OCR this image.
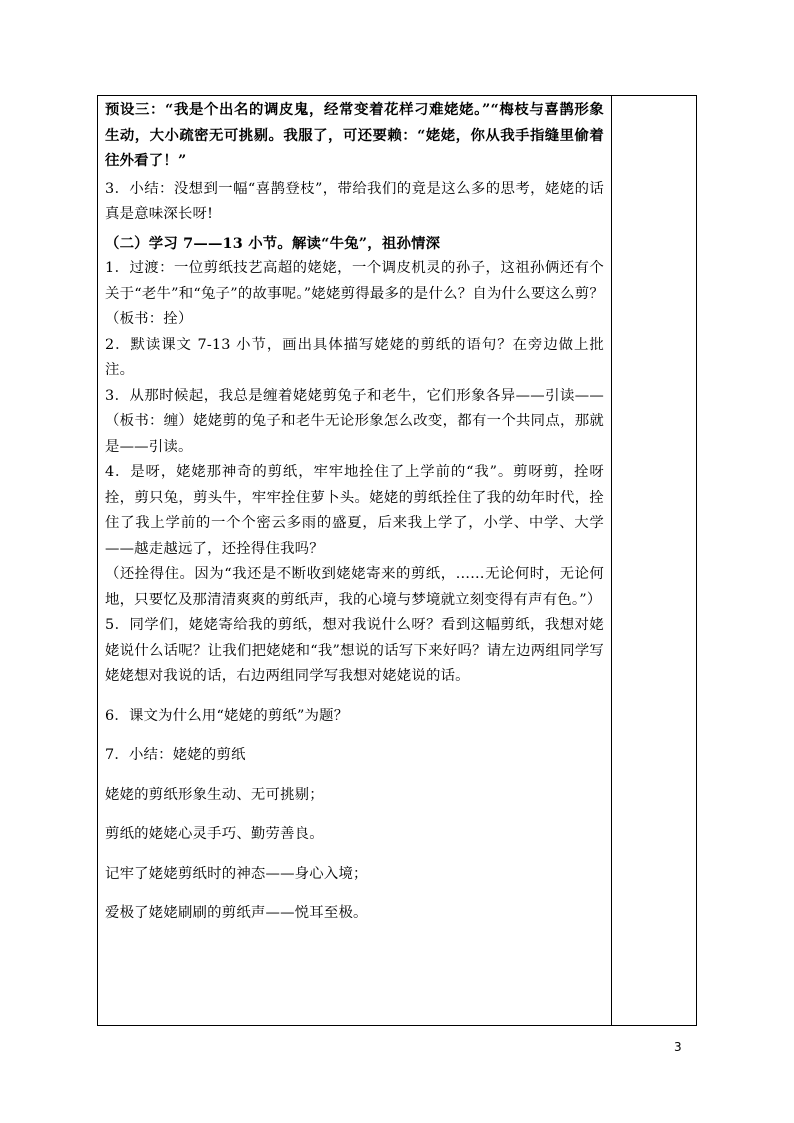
预设三：“我是个出名的调皮鬼，经常变着花样刁难姥姥。”“梅枝与喜鹊形象生动，大小疏密无可挑剔。我服了，可还要赖：“姥姥，你从我手指缝里偷着往外看了！”

3．小结：没想到一幅“喜鹊登枝”，带给我们的竟是这么多的思考，姥姥的话真是意味深长呀!

（二）学习 7——13 小节。解读“牛兔”，祖孙情深

1．过渡：一位剪纸技艺高超的姥姥，一个调皮机灵的孙子，这祖孙俩还有个关于“老牛”和“兔子”的故事呢。”姥姥剪得最多的是什么？自为什么要这么剪？（板书：拴）

2．默读课文 7-13 小节，画出具体描写姥姥的剪纸的语句？在旁边做上批注。

3．从那时候起，我总是缠着姥姥剪兔子和老牛，它们形象各异——引读——（板书：缠）姥姥剪的兔子和老牛无论形象怎么改变，都有一个共同点，那就是——引读。

4．是呀，姥姥那神奇的剪纸，牢牢地拴住了上学前的“我”。剪呀剪，拴呀拴，剪只兔，剪头牛，牢牢拴住萝卜头。姥姥的剪纸拴住了我的幼年时代，拴住了我上学前的一个个密云多雨的盛夏，后来我上学了，小学、中学、大学——越走越远了，还拴得住我吗？

（还拴得住。因为“我还是不断收到姥姥寄来的剪纸，……无论何时，无论何地，只要忆及那清清爽爽的剪纸声，我的心境与梦境就立刻变得有声有色。”）

5．同学们，姥姥寄给我的剪纸，想对我说什么呀？看到这幅剪纸，我想对姥姥说什么话呢？让我们把姥姥和“我”想说的话写下来好吗？请左边两组同学写姥姥想对我说的话，右边两组同学写我想对姥姥说的话。

6．课文为什么用“姥姥的剪纸”为题？

7．小结：姥姥的剪纸

姥姥的剪纸形象生动、无可挑剔；

剪纸的姥姥心灵手巧、勤劳善良。

记牢了姥姥剪纸时的神态——身心入境；

爱极了姥姥刷刷的剪纸声——悦耳至极。

3
